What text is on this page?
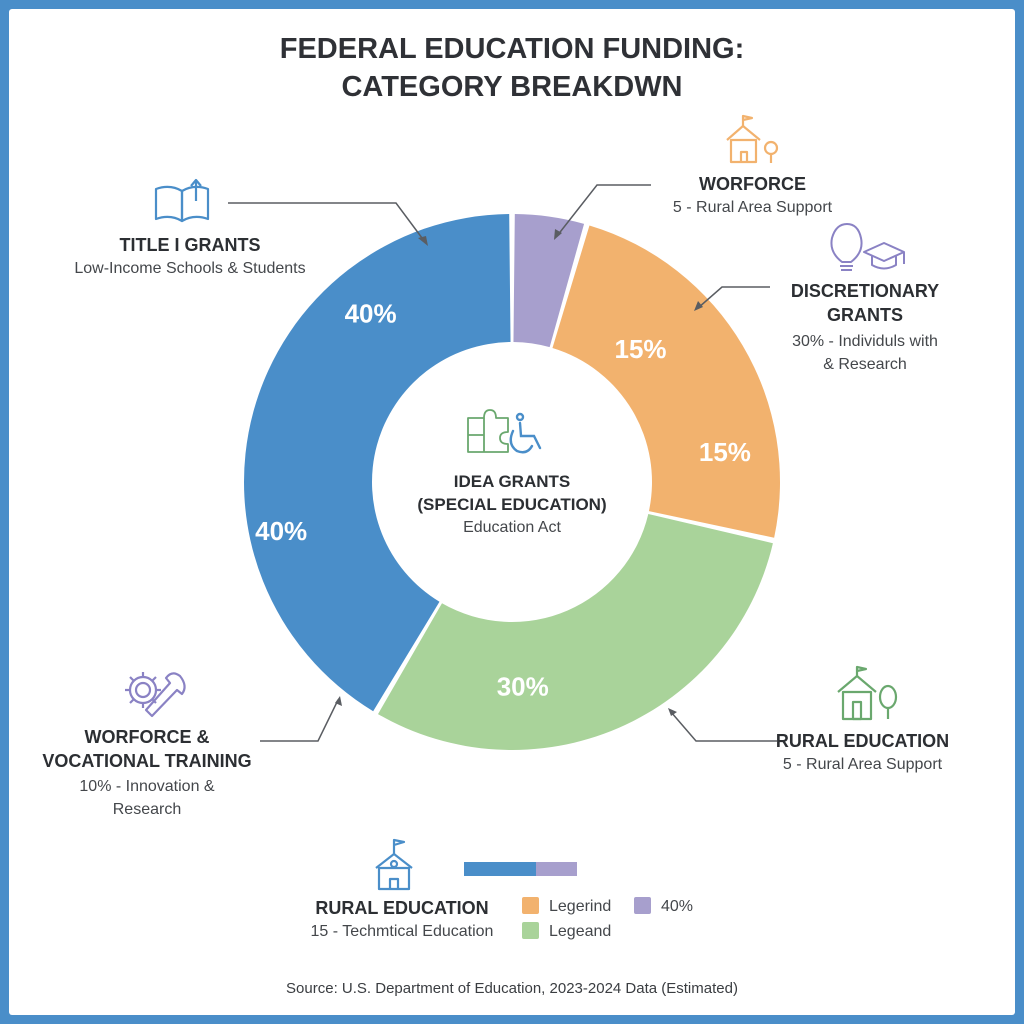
FEDERAL EDUCATION FUNDING:
CATEGORY BREAKDWN
15%
15%
30%
40%
40%
TITLE I GRANTS
Low-Income Schools & Students
WORFORCE
5 - Rural Area Support
DISCRETIONARY
GRANTS
30% - Individuls with
& Research
WORFORCE &
VOCATIONAL TRAINING
10% - Innovation &
Research
RURAL EDUCATION
5 - Rural Area Support
RURAL EDUCATION
15 - Techmtical Education
IDEA GRANTS
(SPECIAL EDUCATION)
Education Act
Legerind	40%
Legeand
Source: U.S. Department of Education, 2023-2024 Data (Estimated)
